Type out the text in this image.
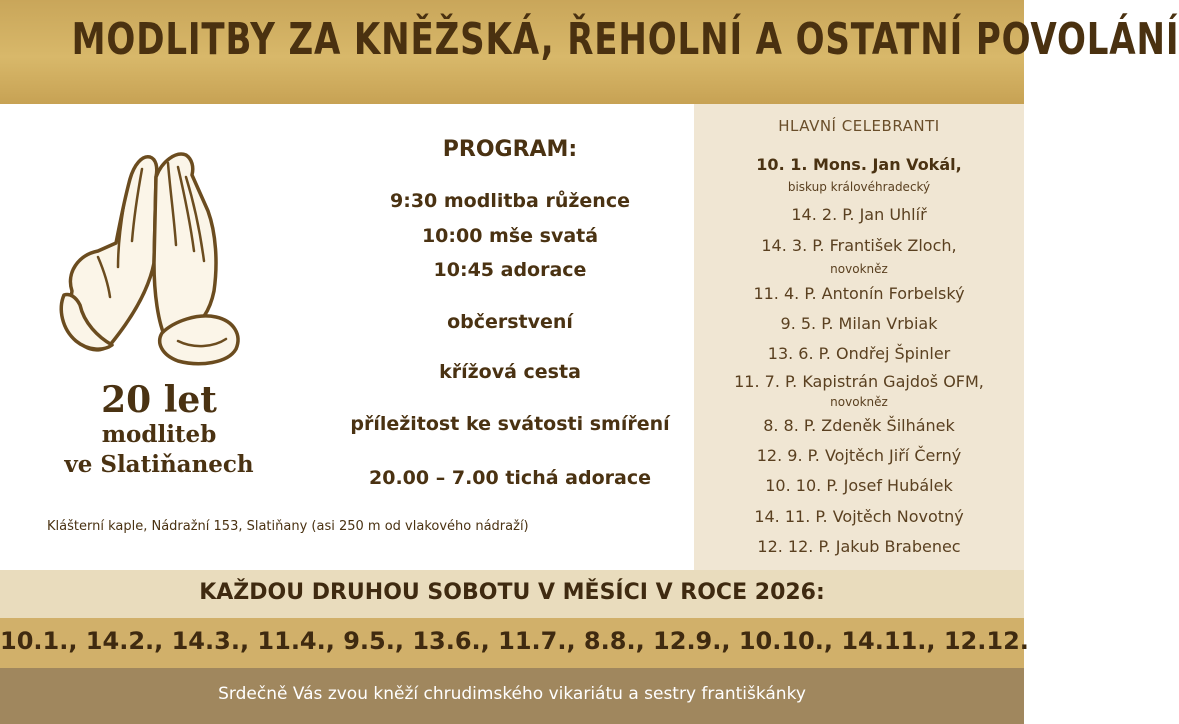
MODLITBY ZA KNĚŽSKÁ, ŘEHOLNÍ A OSTATNÍ POVOLÁNÍ
20 let
modliteb
ve Slatiňanech
PROGRAM:
9:30 modlitba růžence
10:00 mše svatá
10:45 adorace
občerstvení
křížová cesta
příležitost ke svátosti smíření
20.00 – 7.00 tichá adorace
Klášterní kaple, Nádražní 153, Slatiňany (asi 250 m od vlakového nádraží)
HLAVNÍ CELEBRANTI
10. 1. Mons. Jan Vokál,
biskup královéhradecký
14. 2. P. Jan Uhlíř
14. 3. P. František Zloch,
novokněz
11. 4. P. Antonín Forbelský
9. 5. P. Milan Vrbiak
13. 6. P. Ondřej Špinler
11. 7. P. Kapistrán Gajdoš OFM,
novokněz
8. 8. P. Zdeněk Šilhánek
12. 9. P. Vojtěch Jiří Černý
10. 10. P. Josef Hubálek
14. 11. P. Vojtěch Novotný
12. 12. P. Jakub Brabenec
KAŽDOU DRUHOU SOBOTU V MĚSÍCI V ROCE 2026:
10.1., 14.2., 14.3., 11.4., 9.5., 13.6., 11.7., 8.8., 12.9., 10.10., 14.11., 12.12.
Srdečně Vás zvou kněží chrudimského vikariátu a sestry františkánky
